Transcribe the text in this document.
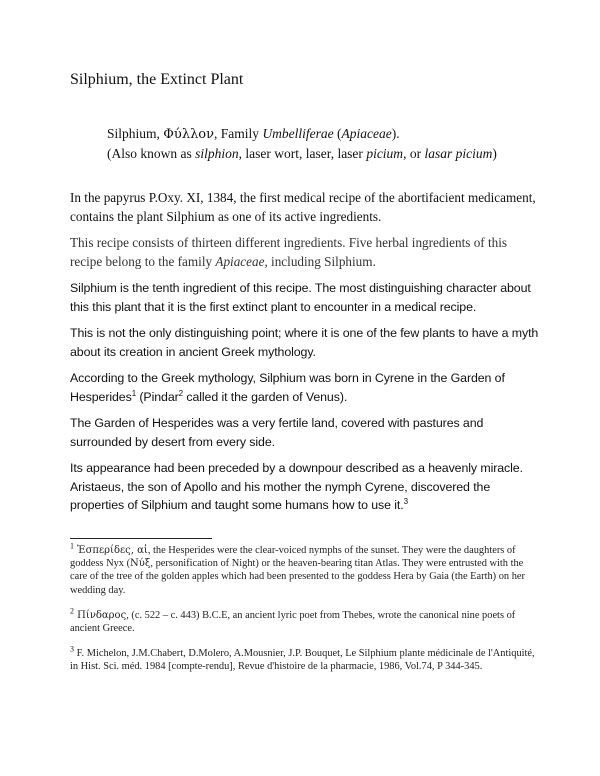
Silphium, the Extinct Plant

Silphium, Φύλλον, Family Umbelliferae (Apiaceae).

(Also known as silphion, laser wort, laser, laser picium, or lasar picium)

In the papyrus P.Oxy. XI, 1384, the first medical recipe of the abortifacient medicament, contains the plant Silphium as one of its active ingredients.

This recipe consists of thirteen different ingredients. Five herbal ingredients of this recipe belong to the family Apiaceae, including Silphium.

Silphium is the tenth ingredient of this recipe. The most distinguishing character about this this plant that it is the first extinct plant to encounter in a medical recipe.

This is not the only distinguishing point; where it is one of the few plants to have a myth about its creation in ancient Greek mythology.

According to the Greek mythology, Silphium was born in Cyrene in the Garden of Hesperides$^1$ (Pindar$^2$ called it the garden of Venus).

The Garden of Hesperides was a very fertile land, covered with pastures and surrounded by desert from every side.

Its appearance had been preceded by a downpour described as a heavenly miracle. Aristaeus, the son of Apollo and his mother the nymph Cyrene, discovered the properties of Silphium and taught some humans how to use it.$^3$

$^1$ Ἑσπερίδες, αἱ, the Hesperides were the clear-voiced nymphs of the sunset. They were the daughters of goddess Nyx (Νύξ, personification of Night) or the heaven-bearing titan Atlas. They were entrusted with the care of the tree of the golden apples which had been presented to the goddess Hera by Gaia (the Earth) on her wedding day.

$^2$ Πίνδαρος, (c. 522 – c. 443) B.C.E, an ancient lyric poet from Thebes, wrote the canonical nine poets of ancient Greece.

$^3$ F. Michelon, J.M.Chabert, D.Molero, A.Mousnier, J.P. Bouquet, Le Silphium plante médicinale de l'Antiquité, in Hist. Sci. méd. 1984 [compte-rendu], Revue d'histoire de la pharmacie, 1986, Vol.74, P 344-345.
